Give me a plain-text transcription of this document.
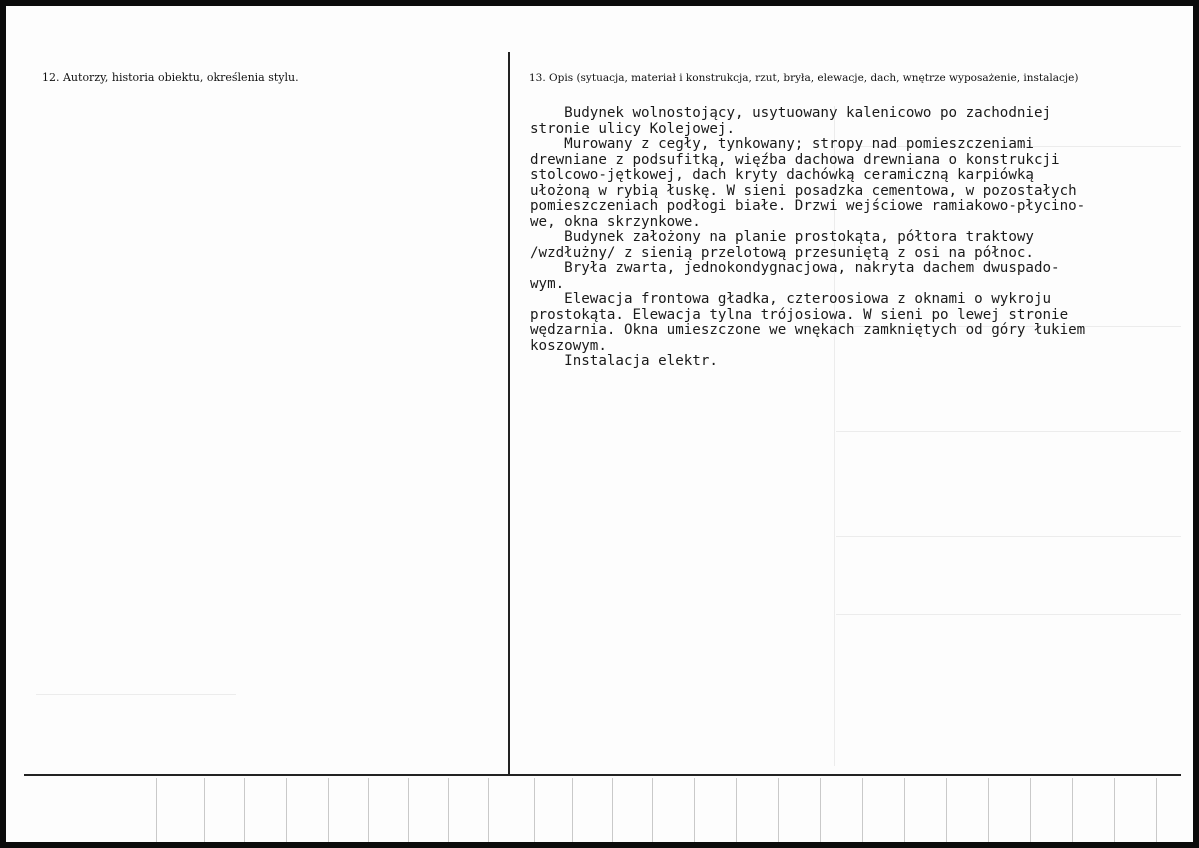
12. Autorzy, historia obiektu, określenia stylu.	13. Opis (sytuacja, materiał i konstrukcja, rzut, bryła, elewacje, dach, wnętrze wyposażenie, instalacje)

Budynek wolnostojący, usytuowany kalenicowo po zachodniej

stronie ulicy Kolejowej.

Murowany z cegły, tynkowany; stropy nad pomieszczeniami

drewniane z podsufitką, więźba dachowa drewniana o konstrukcji

stolcowo-jętkowej, dach kryty dachówką ceramiczną karpiówką

ułożoną w rybią łuskę. W sieni posadzka cementowa, w pozostałych

pomieszczeniach podłogi białe. Drzwi wejściowe ramiakowo-płycino-

we, okna skrzynkowe.

Budynek założony na planie prostokąta, półtora traktowy

/wzdłużny/ z sienią przelotową przesuniętą z osi na północ.

Bryła zwarta, jednokondygnacjowa, nakryta dachem dwuspado-

wym.

Elewacja frontowa gładka, czteroosiowa z oknami o wykroju

prostokąta. Elewacja tylna trójosiowa. W sieni po lewej stronie

wędzarnia. Okna umieszczone we wnękach zamkniętych od góry łukiem

koszowym.

Instalacja elektr.
